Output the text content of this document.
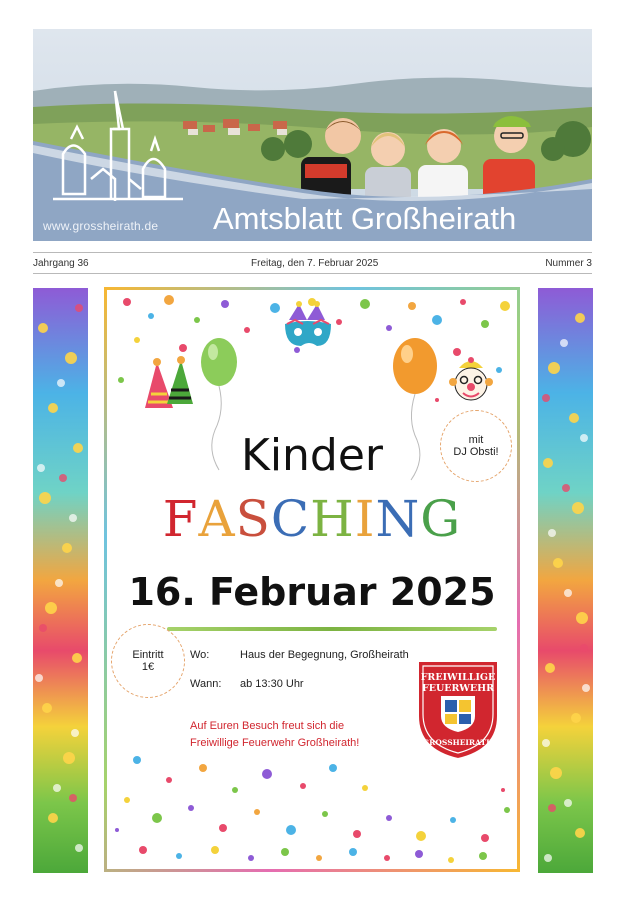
www.grossheirath.de Amtsblatt Großheirath
Jahrgang 36	Freitag, den 7. Februar 2025	Nummer 3
Kinder
FASCHING
16. Februar 2025
mit
DJ Obsti!
Eintritt
1€
Wo:	Haus der Begegnung, Großheirath
Wann: ab 13:30 Uhr
Auf Euren Besuch freut sich die
Freiwillige Feuerwehr Großheirath!
FREIWILLIGE
FEUERWEHR
GROSSHEIRATH
